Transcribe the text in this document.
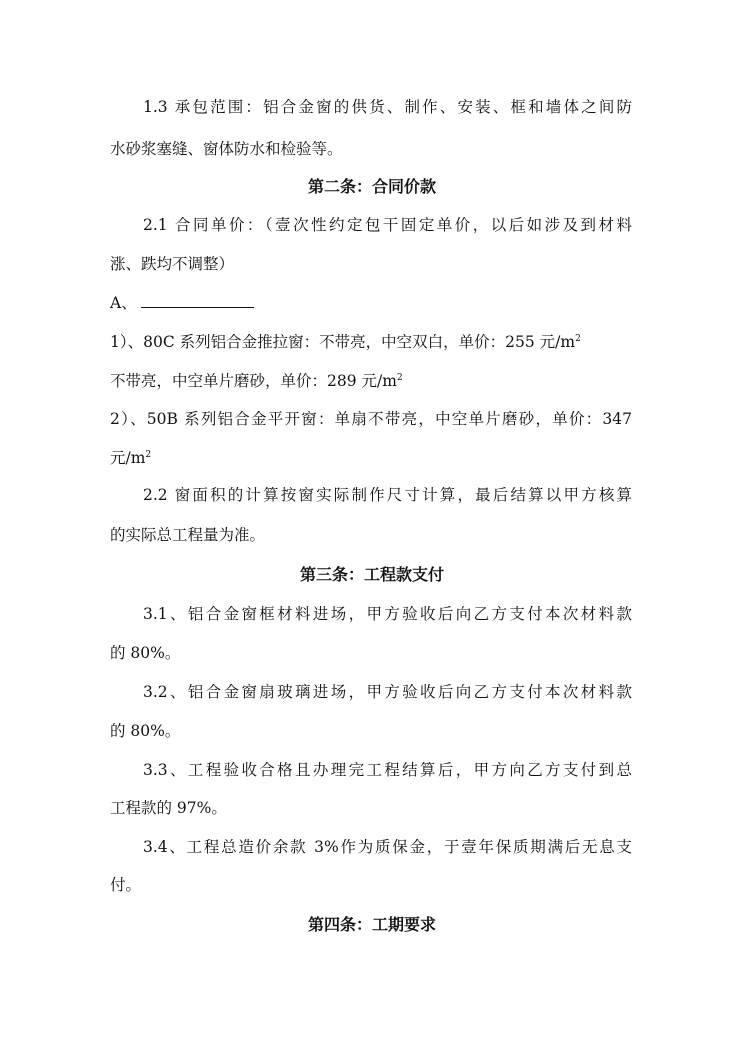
1.3 承包范围：铝合金窗的供货、制作、安装、框和墙体之间防
水砂浆塞缝、窗体防水和检验等。
第二条：合同价款
2.1 合同单价：（壹次性约定包干固定单价，以后如涉及到材料
涨、跌均不调整）
A、
1）、80C 系列铝合金推拉窗：不带亮，中空双白，单价：255 元$/m^2$
不带亮，中空单片磨砂，单价：289 元$/m^2$
2）、50B 系列铝合金平开窗：单扇不带亮，中空单片磨砂，单价：347
元$/m^2$
2.2 窗面积的计算按窗实际制作尺寸计算，最后结算以甲方核算
的实际总工程量为准。
第三条：工程款支付
3.1、铝合金窗框材料进场，甲方验收后向乙方支付本次材料款
的 80%。
3.2、铝合金窗扇玻璃进场，甲方验收后向乙方支付本次材料款
的 80%。
3.3、工程验收合格且办理完工程结算后，甲方向乙方支付到总
工程款的 97%。
3.4、工程总造价余款 3%作为质保金，于壹年保质期满后无息支
付。
第四条：工期要求
